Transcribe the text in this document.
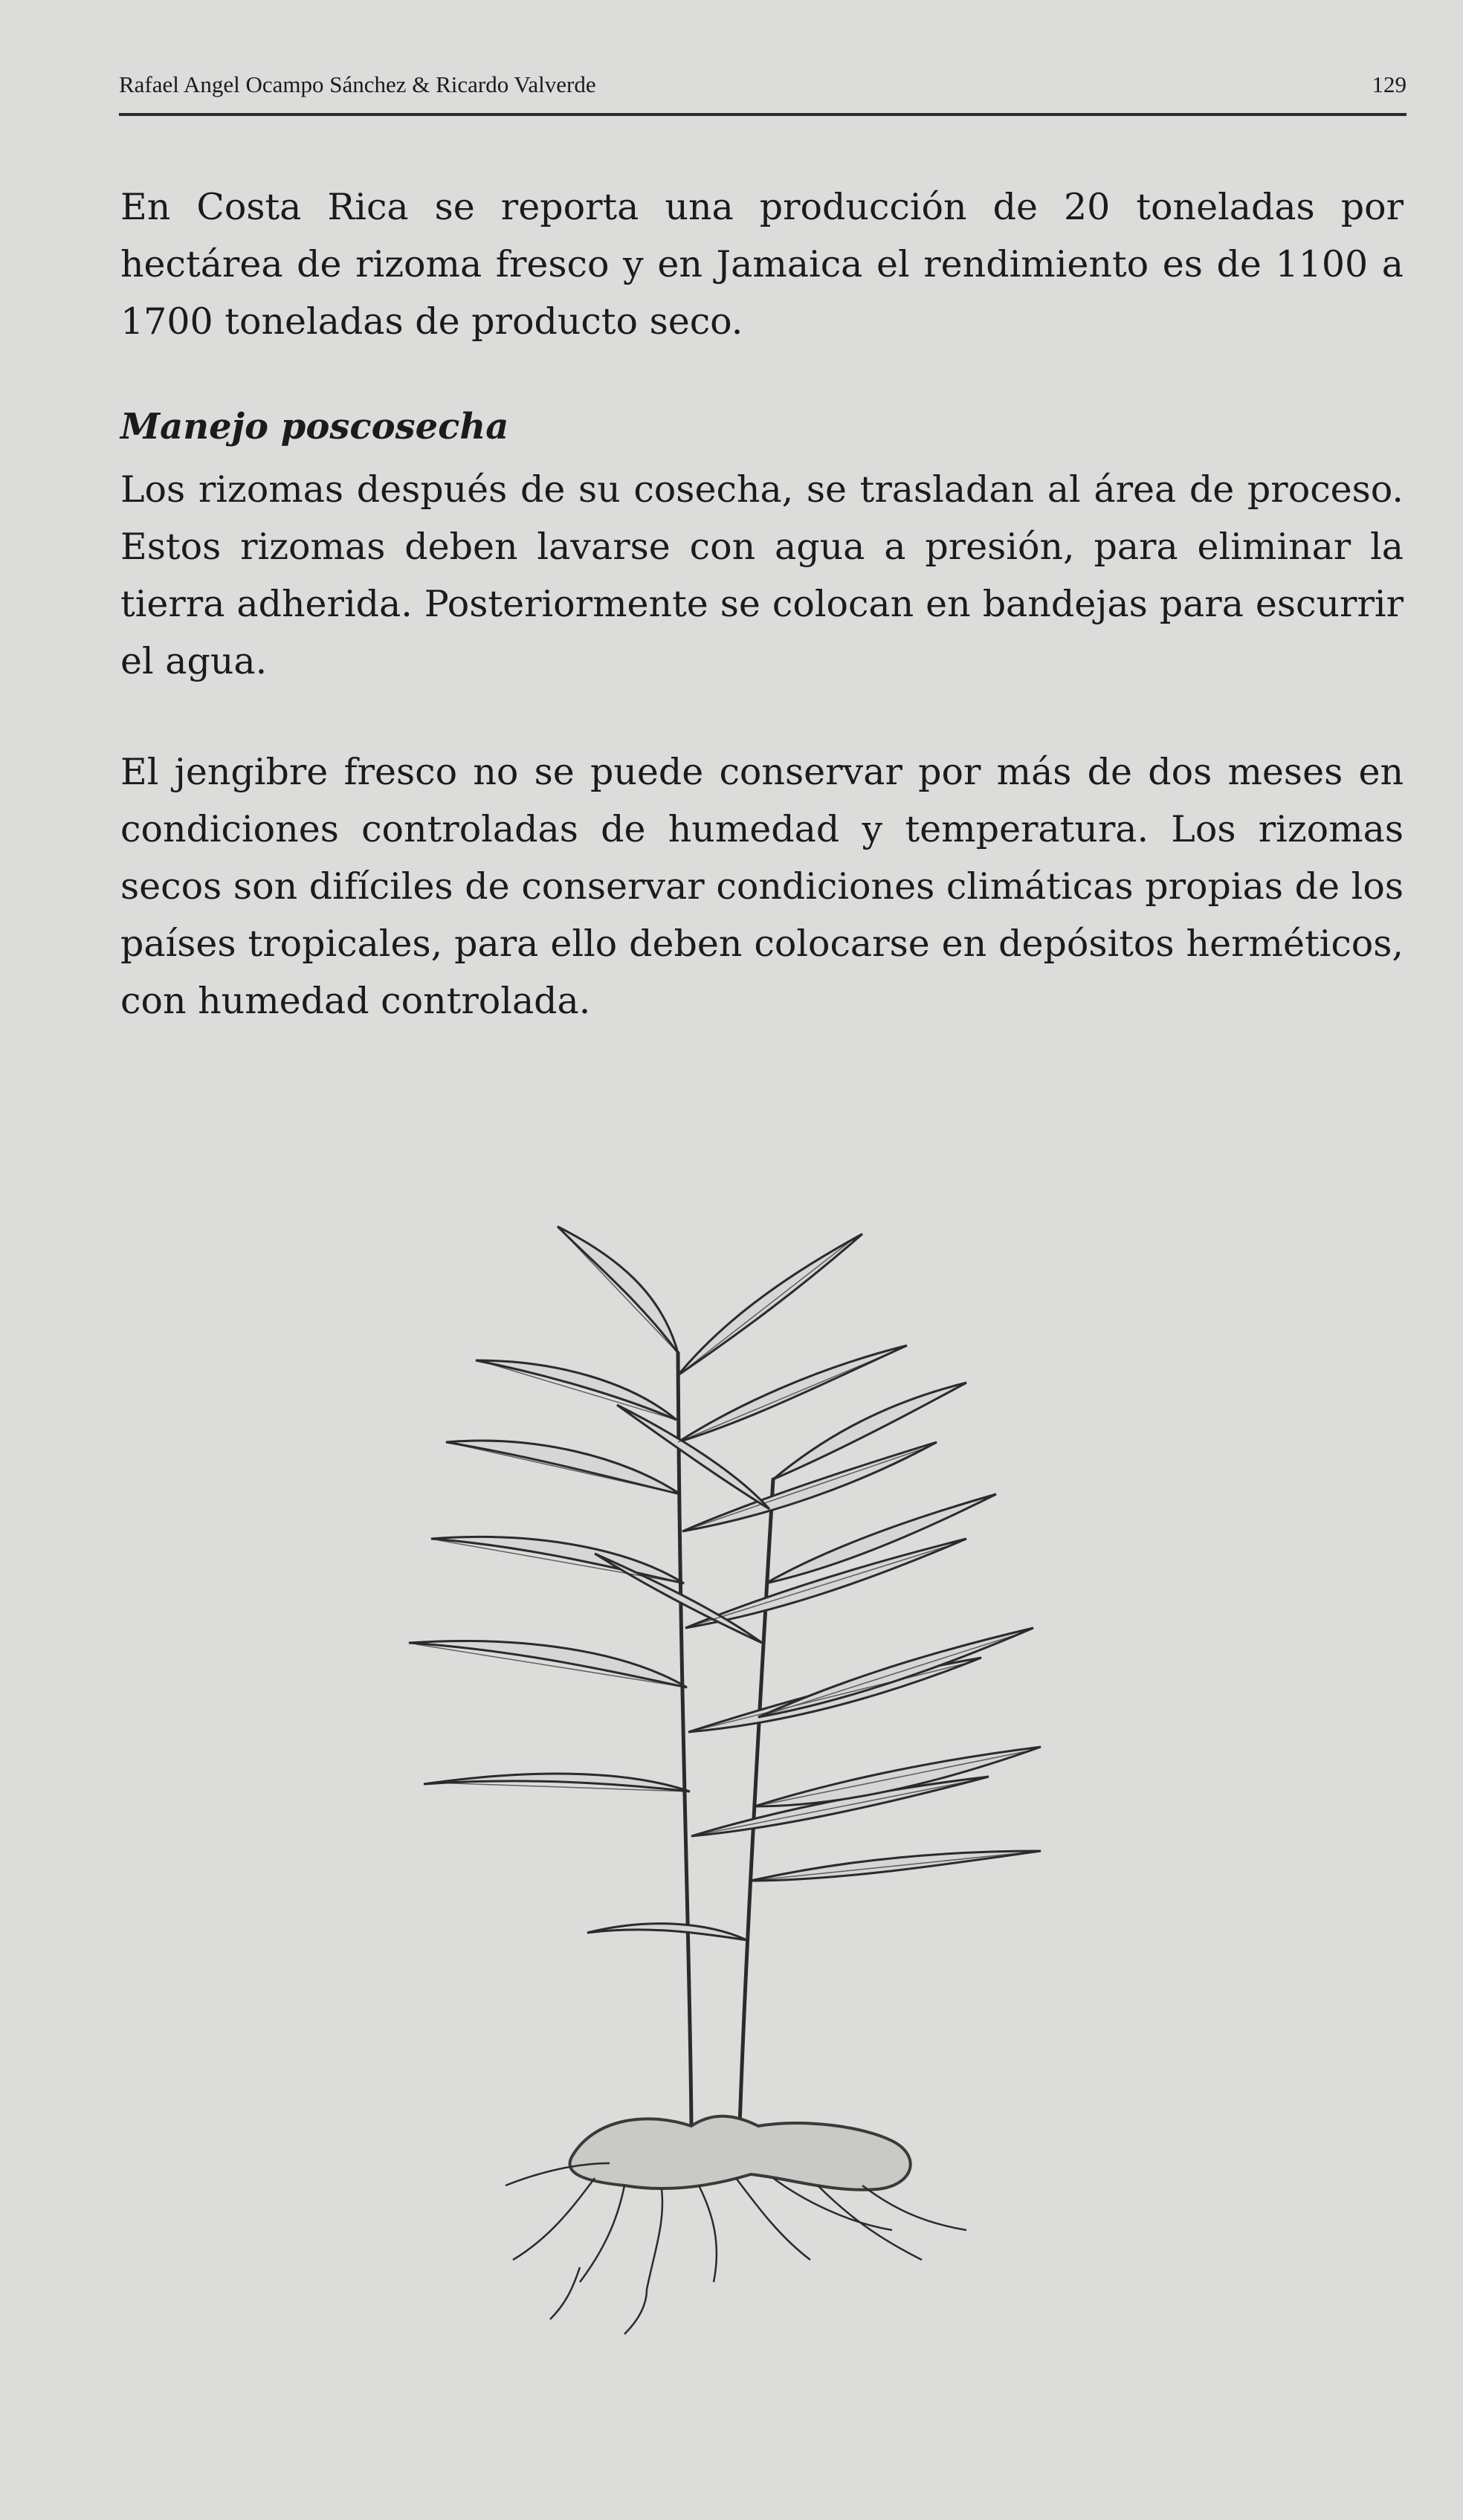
Rafael Angel Ocampo Sánchez & Ricardo Valverde	129

En Costa Rica se reporta una producción de 20 toneladas por hectárea de rizoma fresco y en Jamaica el rendimiento es de 1100 a 1700 toneladas de producto seco.

Manejo poscosecha

Los rizomas después de su cosecha, se trasladan al área de proceso. Estos rizomas deben lavarse con agua a presión, para eliminar la tierra adherida. Posteriormente se colocan en bandejas para escurrir el agua.

El jengibre fresco no se puede conservar por más de dos meses en condiciones controladas de humedad y temperatura. Los rizomas secos son difíciles de conservar condiciones climáticas propias de los países tropicales, para ello deben colocarse en depósitos herméticos, con humedad controlada.
